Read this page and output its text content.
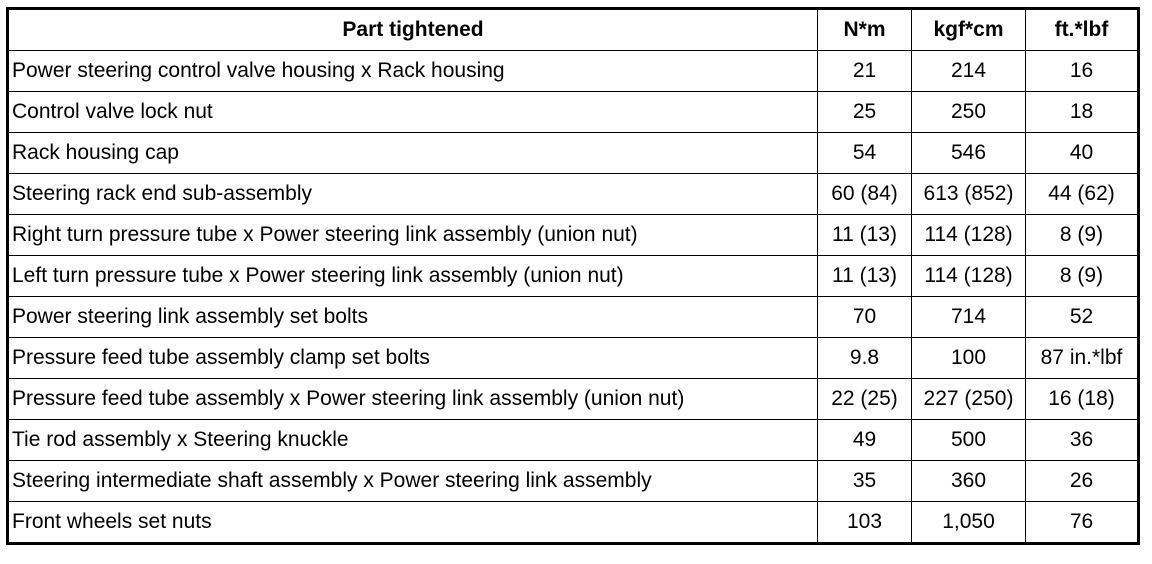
Part tightened	N*m	kgf*cm	ft.*lbf
Power steering control valve housing x Rack housing	21	214	16
Control valve lock nut	25	250	18
Rack housing cap	54	546	40
Steering rack end sub-assembly	60 (84)	613 (852)	44 (62)
Right turn pressure tube x Power steering link assembly (union nut)	11 (13)	114 (128)	8 (9)
Left turn pressure tube x Power steering link assembly (union nut)	11 (13)	114 (128)	8 (9)
Power steering link assembly set bolts	70	714	52
Pressure feed tube assembly clamp set bolts	9.8	100	87 in.*lbf
Pressure feed tube assembly x Power steering link assembly (union nut)	22 (25)	227 (250)	16 (18)
Tie rod assembly x Steering knuckle	49	500	36
Steering intermediate shaft assembly x Power steering link assembly	35	360	26
Front wheels set nuts	103	1,050	76
